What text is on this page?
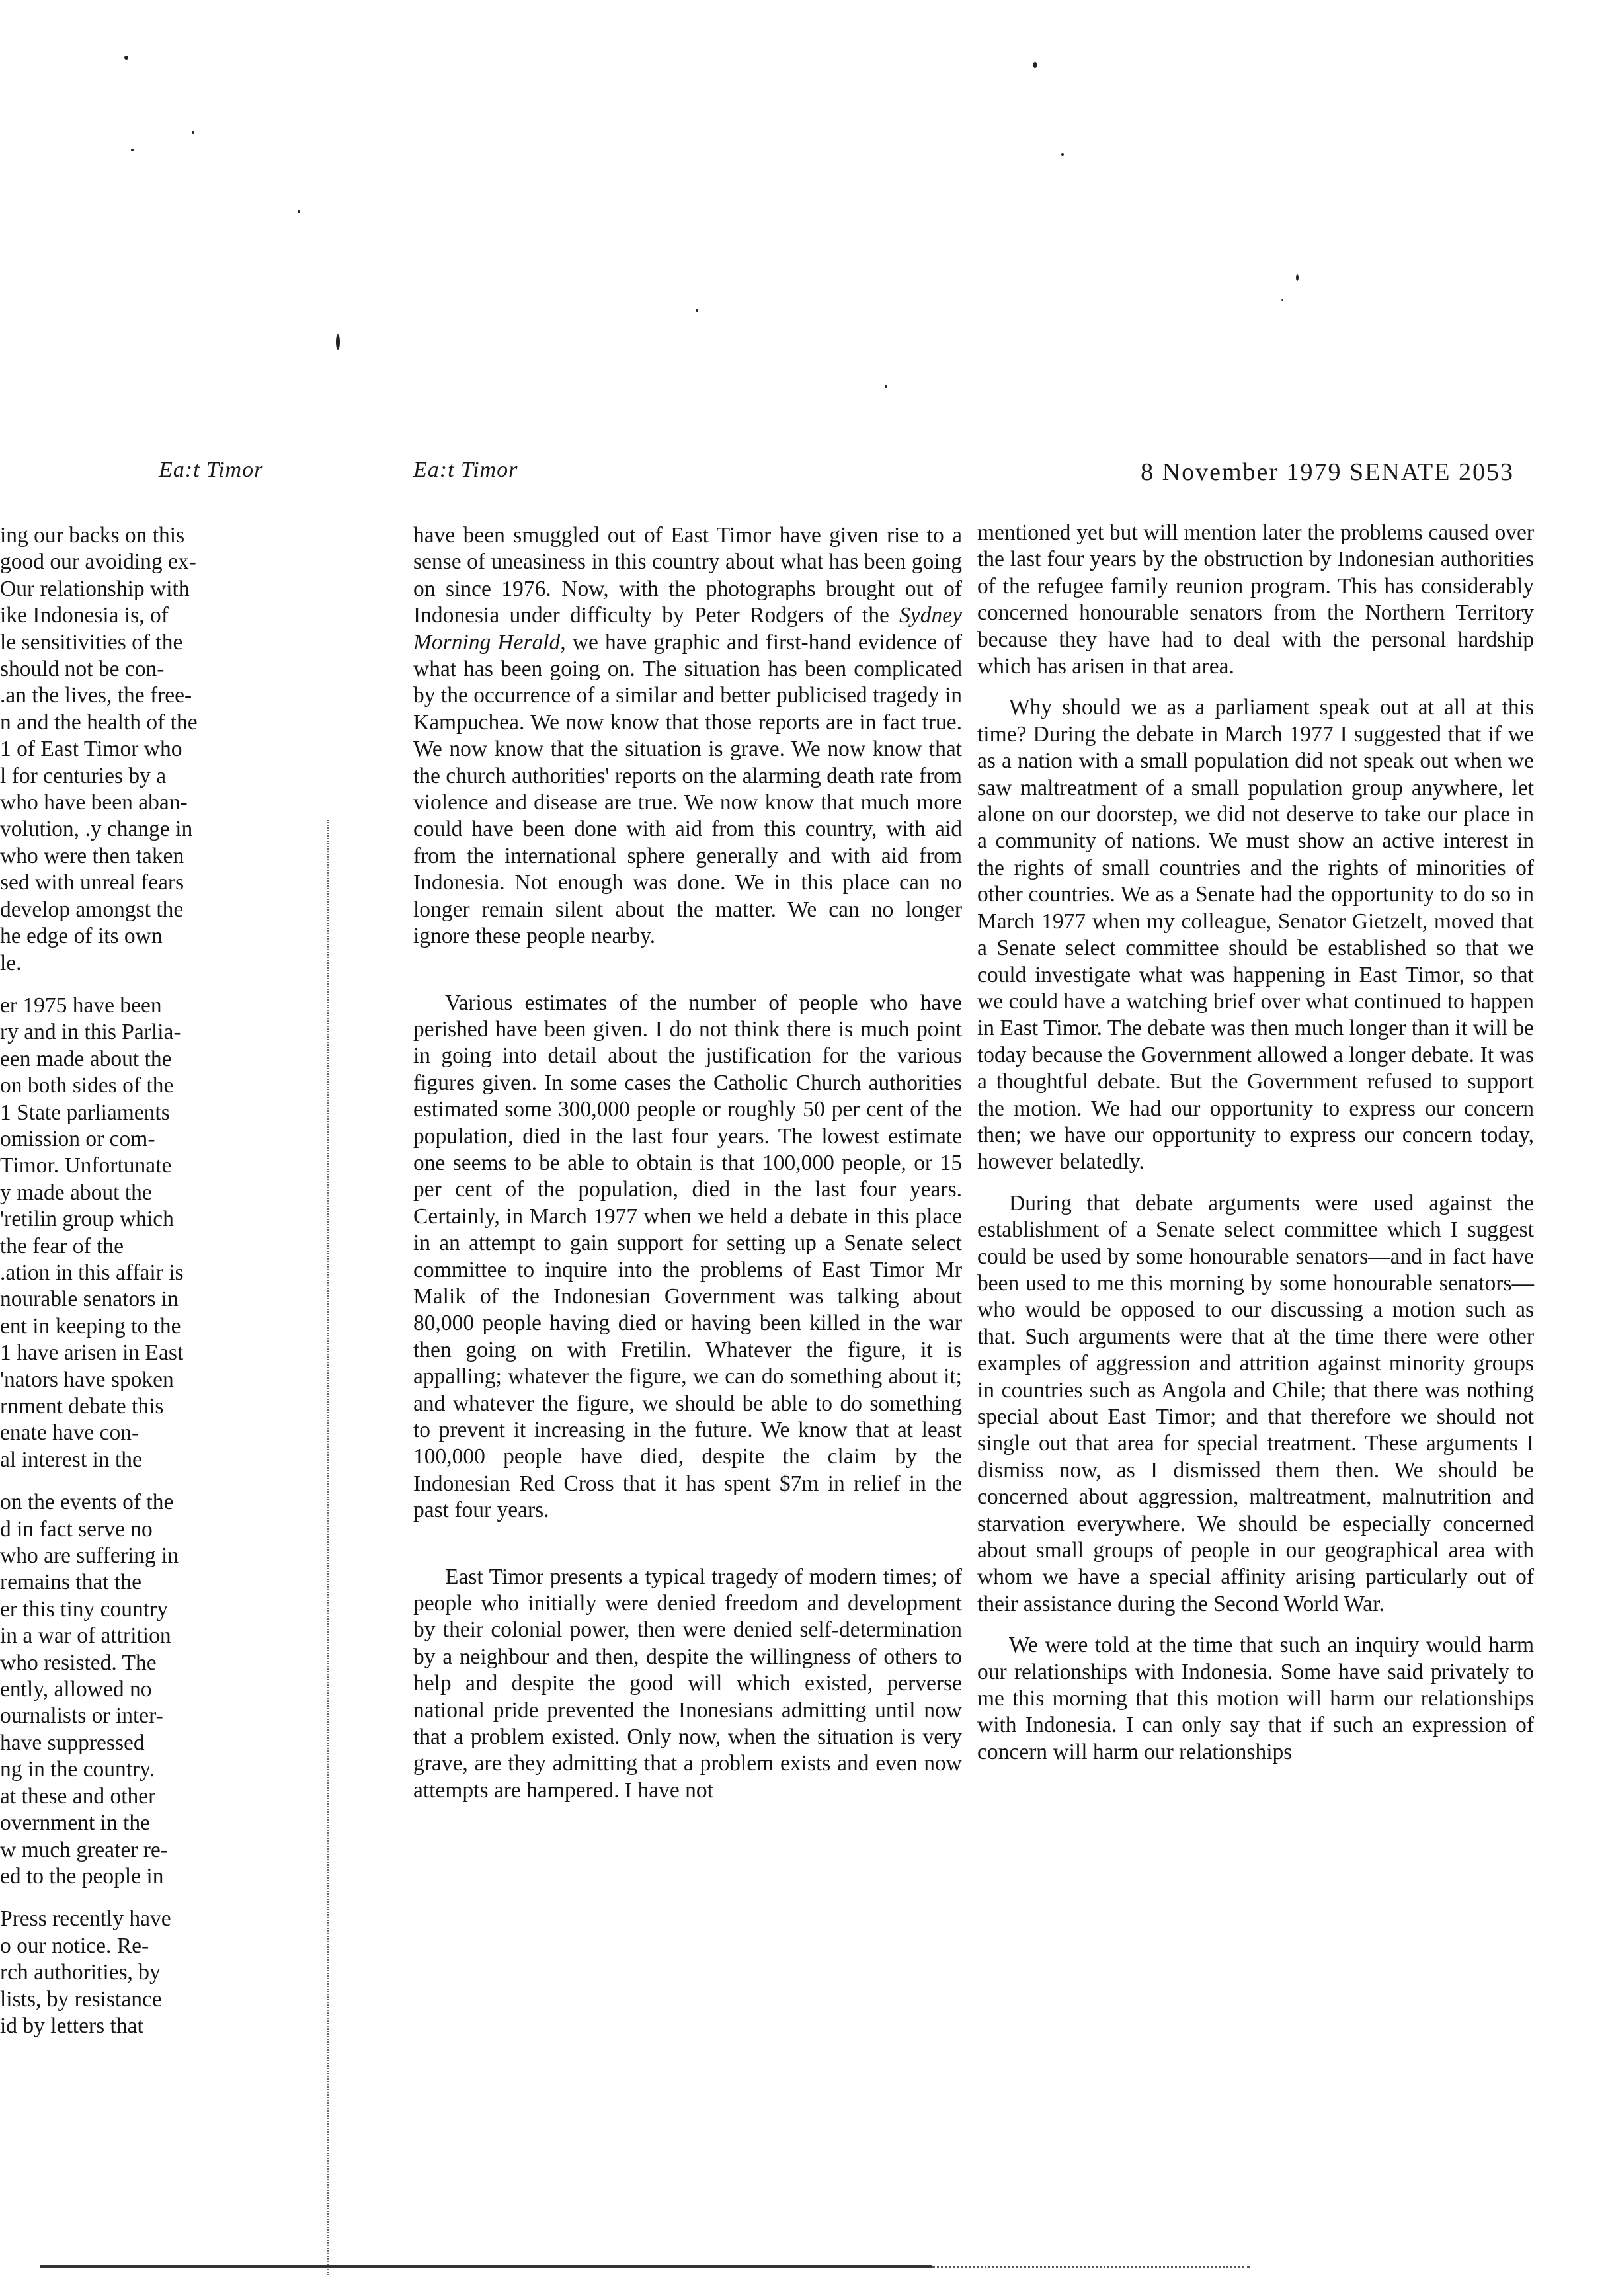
Ea:t Timor	Ea:t Timor	8 November 1979 SENATE 2053
ing our backs on this
good our avoiding ex-
Our relationship with
ike Indonesia is, of
le sensitivities of the
should not be con-
.an the lives, the free-
n and the health of the
1 of East Timor who
l for centuries by a
who have been aban-
volution, .y change in
who were then taken
sed with unreal fears
develop amongst the
he edge of its own
le.

er 1975 have been
ry and in this Parlia-
een made about the
on both sides of the
1 State parliaments
omission or com-
Timor. Unfortunate
y made about the
'retilin group which
the fear of the
.ation in this affair is
nourable senators in
ent in keeping to the
1 have arisen in East
'nators have spoken
rnment debate this
enate have con-
al interest in the

on the events of the
d in fact serve no
who are suffering in
remains that the
er this tiny country
in a war of attrition
who resisted. The
ently, allowed no
ournalists or inter-
have suppressed
ng in the country.
at these and other
overnment in the
w much greater re-
ed to the people in

Press recently have
o our notice. Re-
rch authorities, by
lists, by resistance
id by letters that

have been smuggled out of East Timor have given rise to a sense of uneasiness in this country about what has been going on since 1976. Now, with the photographs brought out of Indonesia under difficulty by Peter Rodgers of the Sydney Morning Herald, we have graphic and first-hand evidence of what has been going on. The situation has been complicated by the occurrence of a similar and better publicised tragedy in Kampuchea. We now know that those reports are in fact true. We now know that the situation is grave. We now know that the church authorities' reports on the alarming death rate from violence and disease are true. We now know that much more could have been done with aid from this country, with aid from the international sphere generally and with aid from Indonesia. Not enough was done. We in this place can no longer remain silent about the matter. We can no longer ignore these people nearby.

Various estimates of the number of people who have perished have been given. I do not think there is much point in going into detail about the justification for the various figures given. In some cases the Catholic Church authorities estimated some 300,000 people or roughly 50 per cent of the population, died in the last four years. The lowest estimate one seems to be able to obtain is that 100,000 people, or 15 per cent of the population, died in the last four years. Certainly, in March 1977 when we held a debate in this place in an attempt to gain support for setting up a Senate select committee to inquire into the problems of East Timor Mr Malik of the Indonesian Government was talking about 80,000 people having died or having been killed in the war then going on with Fretilin. Whatever the figure, it is appalling; whatever the figure, we can do something about it; and whatever the figure, we should be able to do something to prevent it increasing in the future. We know that at least 100,000 people have died, despite the claim by the Indonesian Red Cross that it has spent $7m in relief in the past four years.

East Timor presents a typical tragedy of modern times; of people who initially were denied freedom and development by their colonial power, then were denied self-determination by a neighbour and then, despite the willingness of others to help and despite the good will which existed, perverse national pride prevented the Inonesians admitting until now that a problem existed. Only now, when the situation is very grave, are they admitting that a problem exists and even now attempts are hampered. I have not

mentioned yet but will mention later the problems caused over the last four years by the obstruction by Indonesian authorities of the refugee family reunion program. This has considerably concerned honourable senators from the Northern Territory because they have had to deal with the personal hardship which has arisen in that area.

Why should we as a parliament speak out at all at this time? During the debate in March 1977 I suggested that if we as a nation with a small population did not speak out when we saw maltreatment of a small population group anywhere, let alone on our doorstep, we did not deserve to take our place in a community of nations. We must show an active interest in the rights of small countries and the rights of minorities of other countries. We as a Senate had the opportunity to do so in March 1977 when my colleague, Senator Gietzelt, moved that a Senate select committee should be established so that we could investigate what was happening in East Timor, so that we could have a watching brief over what continued to happen in East Timor. The debate was then much longer than it will be today because the Government allowed a longer debate. It was a thoughtful debate. But the Government refused to support the motion. We had our opportunity to express our concern then; we have our opportunity to express our concern today, however belatedly.

During that debate arguments were used against the establishment of a Senate select committee which I suggest could be used by some honourable senators—and in fact have been used to me this morning by some honourable senators—who would be opposed to our discussing a motion such as that. Such arguments were that at the time there were other examples of aggression and attrition against minority groups in countries such as Angola and Chile; that there was nothing special about East Timor; and that therefore we should not single out that area for special treatment. These arguments I dismiss now, as I dismissed them then. We should be concerned about aggression, maltreatment, malnutrition and starvation everywhere. We should be especially concerned about small groups of people in our geographical area with whom we have a special affinity arising particularly out of their assistance during the Second World War.

We were told at the time that such an inquiry would harm our relationships with Indonesia. Some have said privately to me this morning that this motion will harm our relationships with Indonesia. I can only say that if such an expression of concern will harm our relationships
